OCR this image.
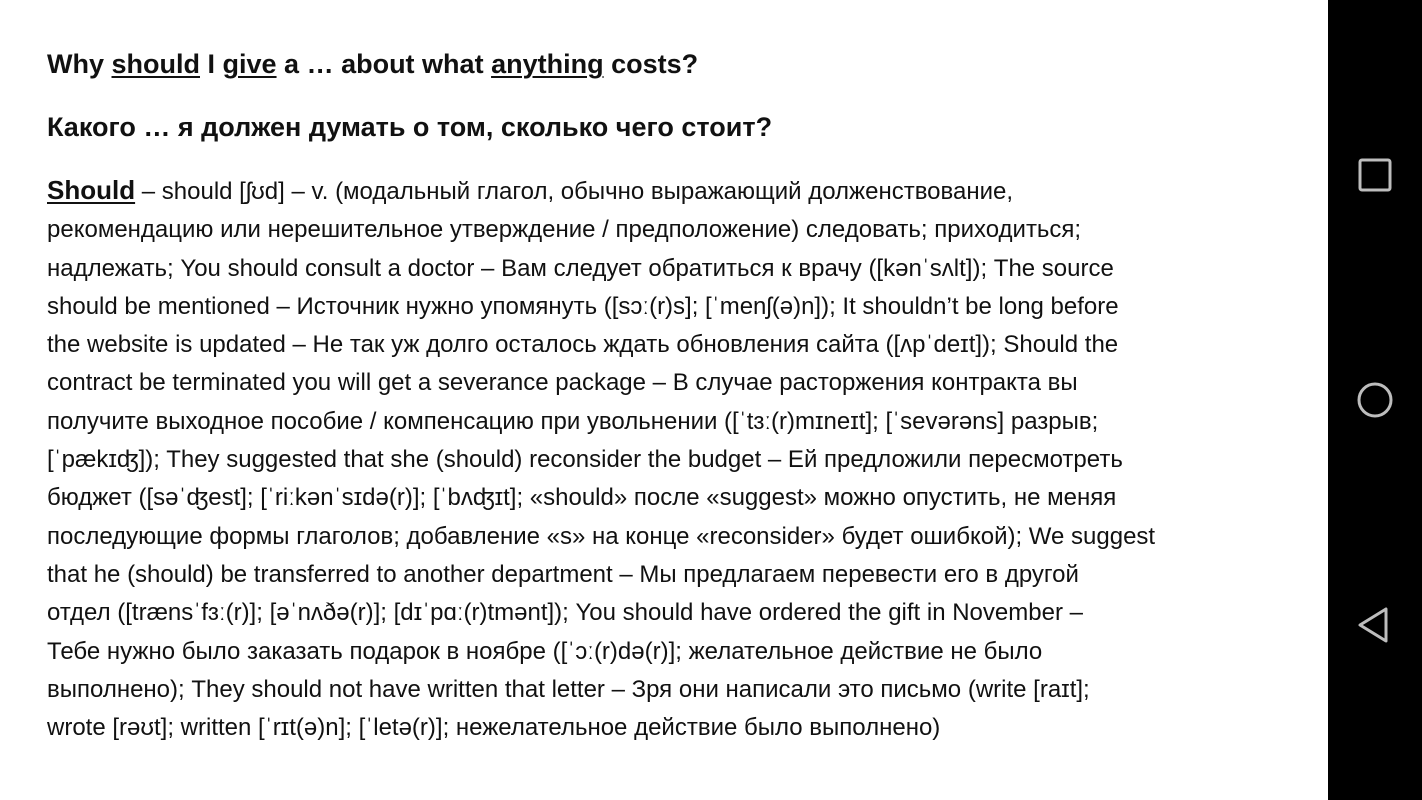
Why should I give a … about what anything costs?
Какого … я должен думать о том, сколько чего стоит?
Should – should [ʃʊd] – v. (модальный глагол, обычно выражающий долженствование,
рекомендацию или нерешительное утверждение / предположение) следовать; приходиться;
надлежать; You should consult a doctor – Вам следует обратиться к врачу ([kənˈsʌlt]); The source
should be mentioned – Источник нужно упомянуть ([sɔː(r)s]; [ˈmenʃ(ə)n]); It shouldn’t be long before
the website is updated – Не так уж долго осталось ждать обновления сайта ([ʌpˈdeɪt]); Should the
contract be terminated you will get a severance package – В случае расторжения контракта вы
получите выходное пособие / компенсацию при увольнении ([ˈtɜː(r)mɪneɪt]; [ˈsevərəns] разрыв;
[ˈpækɪʤ]); They suggested that she (should) reconsider the budget – Ей предложили пересмотреть
бюджет ([səˈʤest]; [ˈriːkənˈsɪdə(r)]; [ˈbʌʤɪt]; «should» после «suggest» можно опустить, не меняя
последующие формы глаголов; добавление «s» на конце «reconsider» будет ошибкой); We suggest
that he (should) be transferred to another department – Мы предлагаем перевести его в другой
отдел ([trænsˈfɜː(r)]; [əˈnʌðə(r)]; [dɪˈpɑː(r)tmənt]); You should have ordered the gift in November –
Тебе нужно было заказать подарок в ноябре ([ˈɔː(r)də(r)]; желательное действие не было
выполнено); They should not have written that letter – Зря они написали это письмо (write [raɪt];
wrote [rəʊt]; written [ˈrɪt(ə)n]; [ˈletə(r)]; нежелательное действие было выполнено)
